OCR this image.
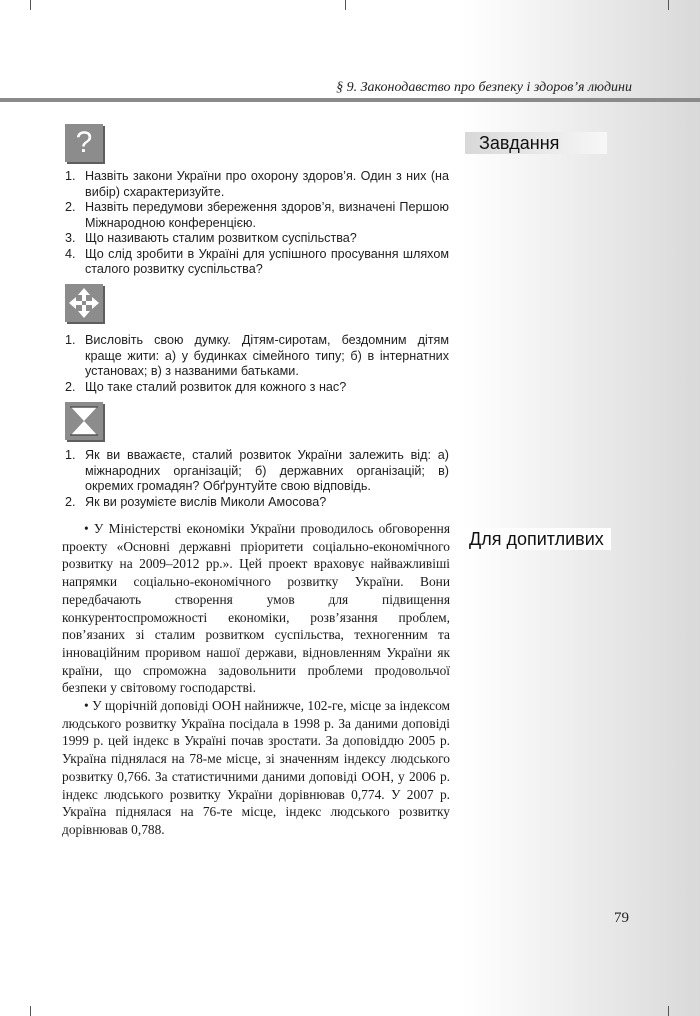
§ 9. Законодавство про безпеку і здоров’я людини
?
1. Назвіть закони України про охорону здоров’я. Один з них (на вибір) схарактеризуйте.
2. Назвіть передумови збереження здоров’я, визначені Першою Міжнародною конференцією.
3. Що називають сталим розвитком суспільства?
4. Що слід зробити в Україні для успішного просування шляхом сталого розвитку суспільства?
1. Висловіть свою думку. Дітям-сиротам, бездомним дітям краще жити: а) у будинках сімейного типу; б) в інтернатних установах; в) з названими батьками.
2. Що таке сталий розвиток для кожного з нас?
1. Як ви вважаєте, сталий розвиток України залежить від: а) міжнародних організацій; б) державних організацій; в) окремих громадян? Обґрунтуйте свою відповідь.
2. Як ви розумієте вислів Миколи Амосова?
Завдання
Для допитливих

• У Міністерстві економіки України проводилось обговорення проекту «Основні державні пріоритети соціально-економічного розвитку на 2009–2012 рр.». Цей проект враховує найважливіші напрямки соціально-економічного розвитку України. Вони передбачають створення умов для підвищення конкурентоспроможності економіки, розв’язання проблем, пов’язаних зі сталим розвитком суспільства, техногенним та інноваційним проривом нашої держави, відновленням України як країни, що спроможна задовольнити проблеми продовольчої безпеки у світовому господарстві.

• У щорічній доповіді ООН найнижче, 102-ге, місце за індексом людського розвитку Україна посідала в 1998 р. За даними доповіді 1999 р. цей індекс в Україні почав зростати. За доповіддю 2005 р. Україна піднялася на 78-ме місце, зі значенням індексу людського розвитку 0,766. За статистичними даними доповіді ООН, у 2006 р. індекс людського розвитку України дорівнював 0,774. У 2007 р. Україна піднялася на 76-те місце, індекс людського розвитку дорівнював 0,788.

79
